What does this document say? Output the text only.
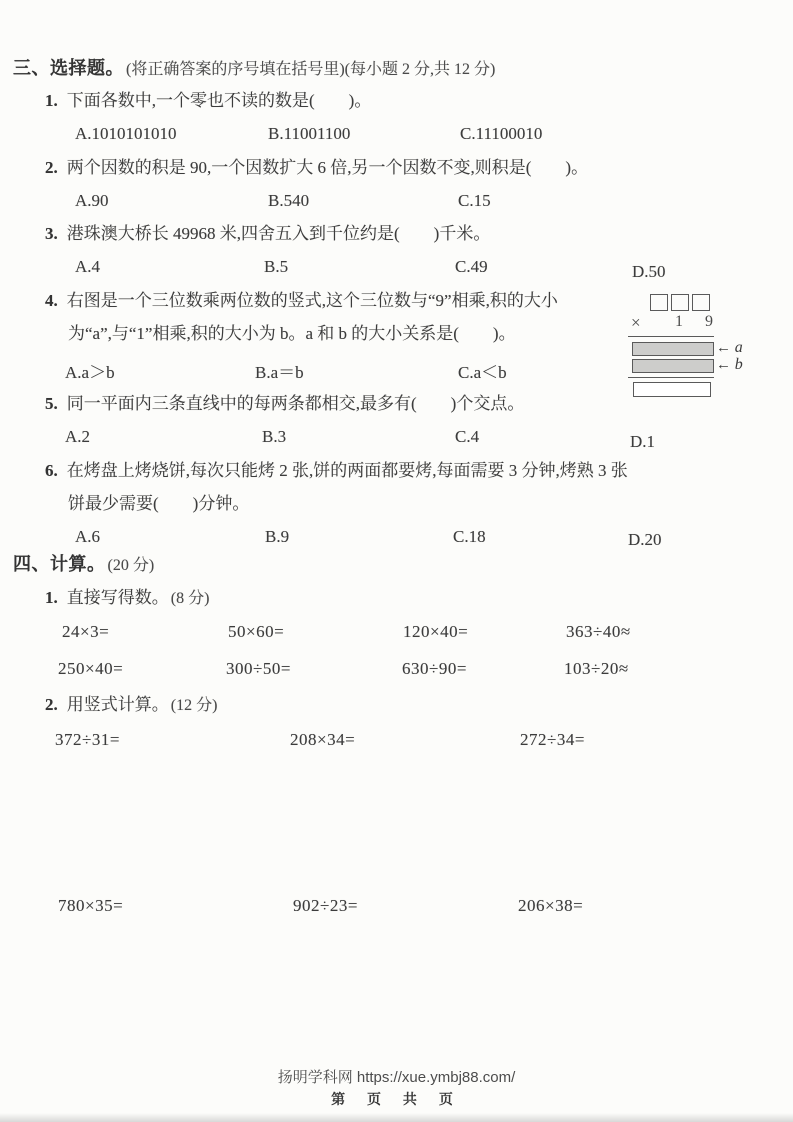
三、选择题。 (将正确答案的序号填在括号里)(每小题 2 分,共 12 分)
1. 下面各数中,一个零也不读的数是(　　)。
A.1010101010	B.11001100	C.11100010
2. 两个因数的积是 90,一个因数扩大 6 倍,另一个因数不变,则积是(　　)。
A.90	B.540	C.15
3. 港珠澳大桥长 49968 米,四舍五入到千位约是(　　)千米。
A.4	B.5	C.49	D.50
4. 右图是一个三位数乘两位数的竖式,这个三位数与“9”相乘,积的大小
为“a”,与“1”相乘,积的大小为 b。a 和 b 的大小关系是(　　)。
A.a＞b	B.a＝b	C.a＜b
× 1 9
← a
← b
5. 同一平面内三条直线中的每两条都相交,最多有(　　)个交点。
A.2	B.3	C.4	D.1
6. 在烤盘上烤烧饼,每次只能烤 2 张,饼的两面都要烤,每面需要 3 分钟,烤熟 3 张
饼最少需要(　　)分钟。
A.6	B.9	C.18	D.20
四、计算。 (20 分)
1. 直接写得数。 (8 分)
24×3=	50×60=	120×40=	363÷40≈
250×40=	300÷50=	630÷90=	103÷20≈
2. 用竖式计算。 (12 分)
372÷31=	208×34=	272÷34=
780×35=	902÷23=	206×38=
扬明学科网 https://xue.ymbj88.com/
第 页 共 页
